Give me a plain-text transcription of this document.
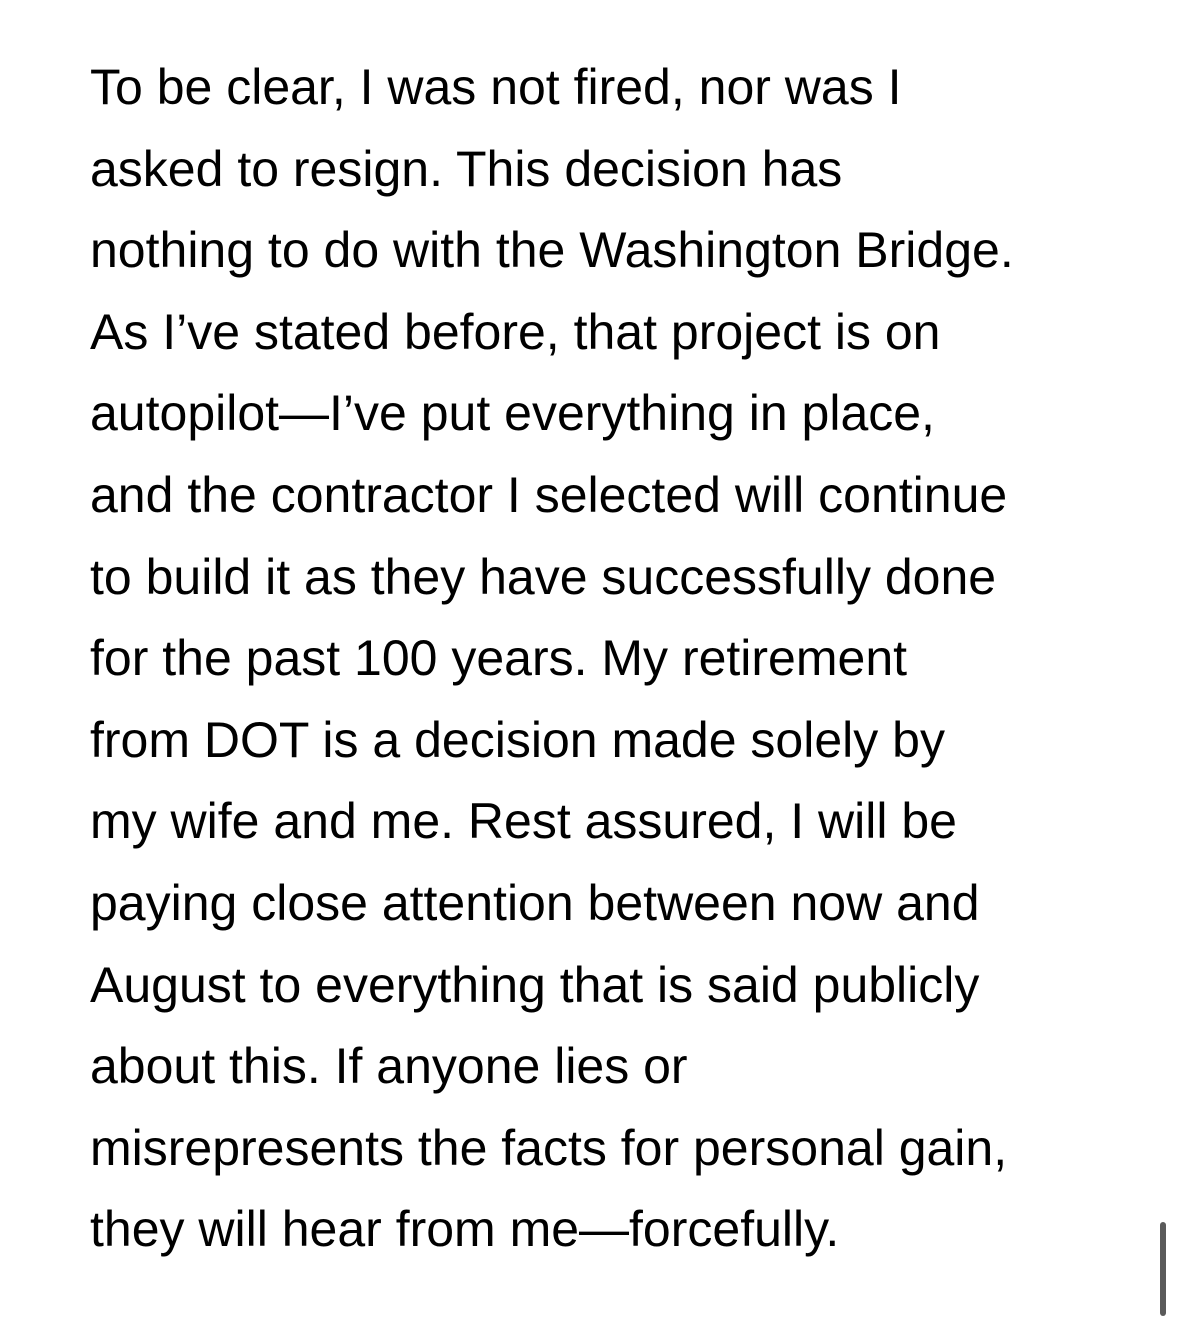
To be clear, I was not fired, nor was I
asked to resign. This decision has
nothing to do with the Washington Bridge.
As I’ve stated before, that project is on
autopilot—I’ve put everything in place,
and the contractor I selected will continue
to build it as they have successfully done
for the past 100 years. My retirement
from DOT is a decision made solely by
my wife and me. Rest assured, I will be
paying close attention between now and
August to everything that is said publicly
about this. If anyone lies or
misrepresents the facts for personal gain,
they will hear from me—forcefully.
